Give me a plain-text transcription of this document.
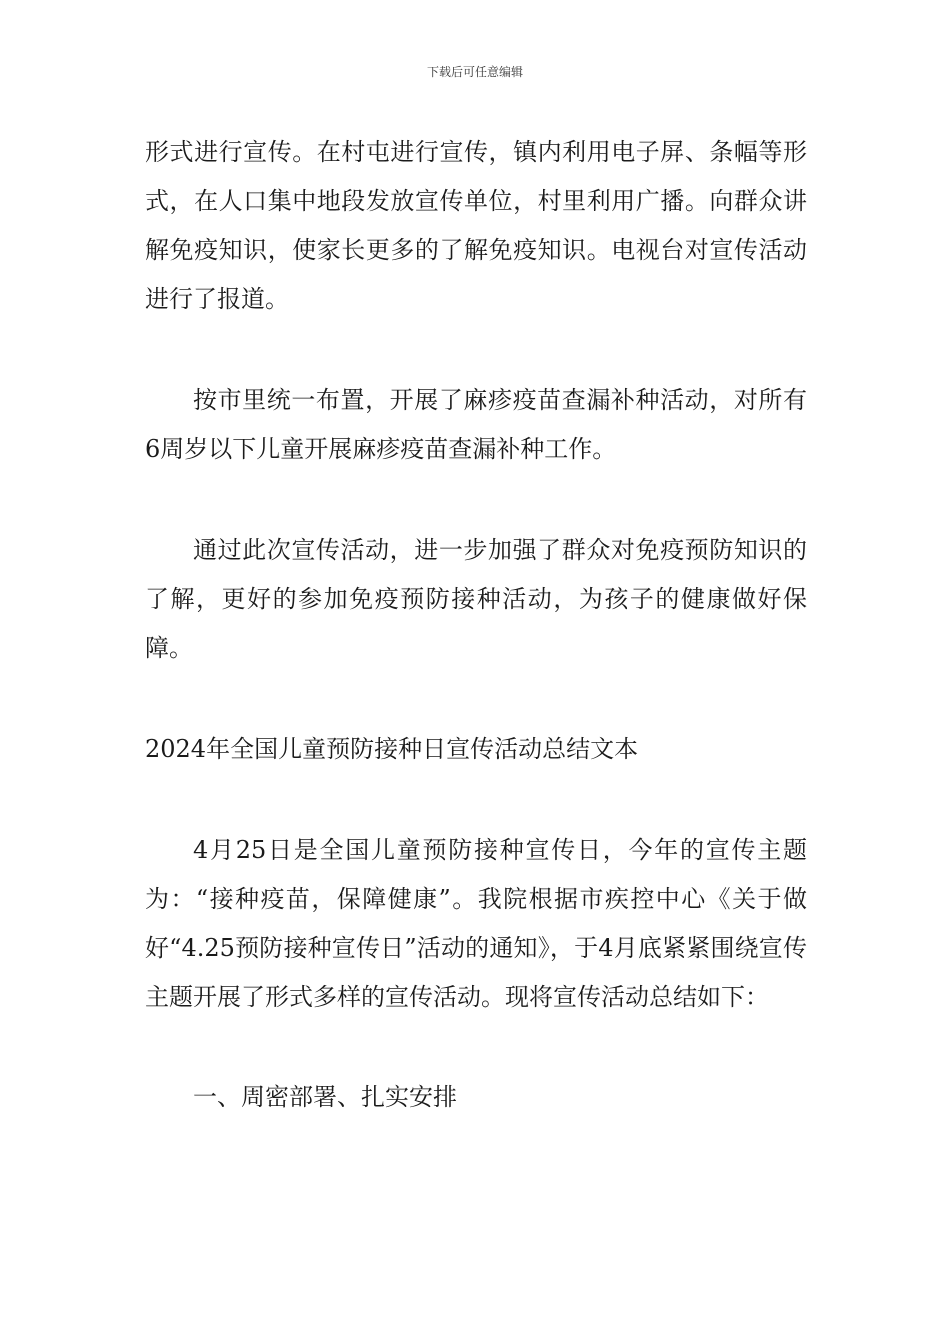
下载后可任意编辑

形式进行宣传。在村屯进行宣传，镇内利用电子屏、条幅等形式，在人口集中地段发放宣传单位，村里利用广播。向群众讲解免疫知识，使家长更多的了解免疫知识。电视台对宣传活动进行了报道。

按市里统一布置，开展了麻疹疫苗查漏补种活动，对所有6周岁以下儿童开展麻疹疫苗查漏补种工作。

通过此次宣传活动，进一步加强了群众对免疫预防知识的了解，更好的参加免疫预防接种活动，为孩子的健康做好保障。

2024年全国儿童预防接种日宣传活动总结文本

4月25日是全国儿童预防接种宣传日，今年的宣传主题为：“接种疫苗，保障健康”。我院根据市疾控中心《关于做好“4.25预防接种宣传日”活动的通知》，于4月底紧紧围绕宣传主题开展了形式多样的宣传活动。现将宣传活动总结如下：

一、周密部署、扎实安排
